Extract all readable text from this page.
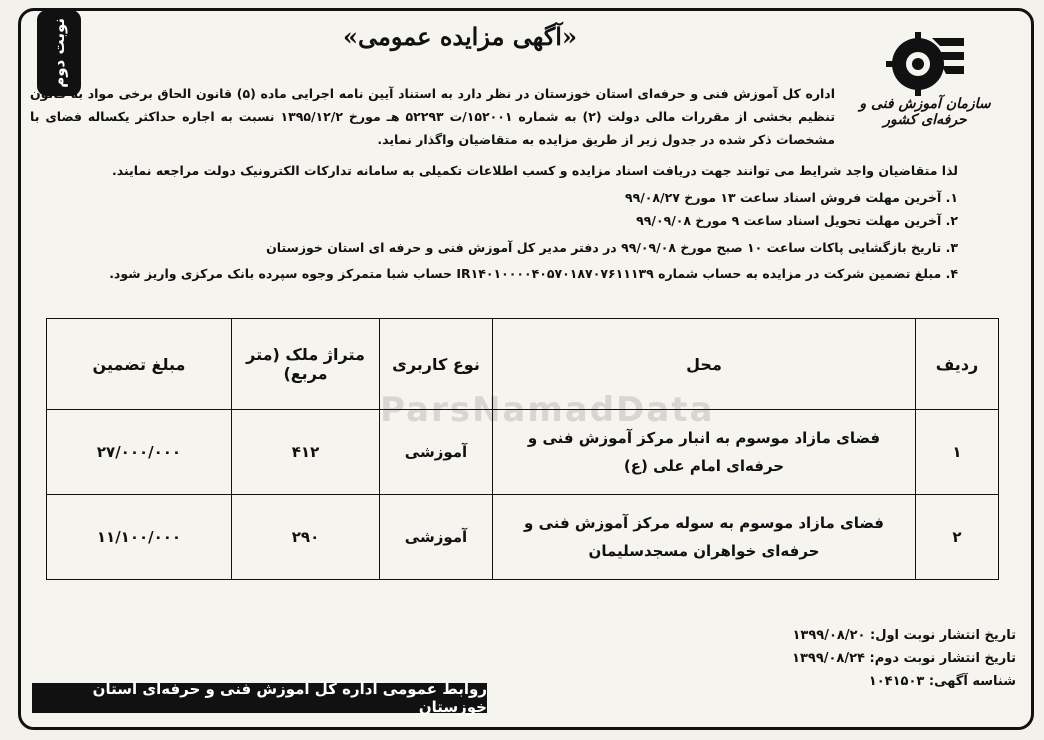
نوبت دوم	«آگهی مزایده عمومی»
سازمان آموزش فنی و حرفه‌ای کشور
اداره کل آموزش فنی و حرفه‌ای استان خوزستان در نظر دارد به استناد آیین نامه اجرایی ماده (۵) قانون الحاق برخی مواد به قانون تنظیم بخشی از مقررات مالی دولت (۲) به شماره ۱۵۲۰۰۱/ت ۵۲۲۹۳ هـ مورخ ۱۳۹۵/۱۲/۲ نسبت به اجاره حداکثر یکساله فضای با مشخصات ذکر شده در جدول زیر از طریق مزایده به متقاضیان واگذار نماید.
لذا متقاضیان واجد شرایط می توانند جهت دریافت اسناد مزایده و کسب اطلاعات تکمیلی به سامانه تدارکات الکترونیک دولت مراجعه نمایند.
۱. آخرین مهلت فروش اسناد ساعت ۱۳ مورخ ۹۹/۰۸/۲۷
۲. آخرین مهلت تحویل اسناد ساعت ۹ مورخ ۹۹/۰۹/۰۸
۳. تاریخ بازگشایی پاکات ساعت ۱۰ صبح مورخ ۹۹/۰۹/۰۸ در دفتر مدیر کل آموزش فنی و حرفه ای استان خوزستان
۴. مبلغ تضمین شرکت در مزایده به حساب شماره IR۱۴۰۱۰۰۰۰۴۰۵۷۰۱۸۷۰۷۶۱۱۱۳۹ حساب شبا متمرکز وجوه سپرده بانک مرکزی واریز شود.
ParsNamadData
ردیف	محل	نوع کاربری	متراژ ملک (متر مربع)	مبلغ تضمین
۱	فضای مازاد موسوم به انبار مرکز آموزش فنی و حرفه‌ای امام علی (ع)	آموزشی	۴۱۲	۲۷/۰۰۰/۰۰۰
۲	فضای مازاد موسوم به سوله مرکز آموزش فنی و حرفه‌ای خواهران مسجدسلیمان	آموزشی	۲۹۰	۱۱/۱۰۰/۰۰۰
تاریخ انتشار نوبت اول: ۱۳۹۹/۰۸/۲۰
تاریخ انتشار نوبت دوم: ۱۳۹۹/۰۸/۲۴
شناسه آگهی: ۱۰۴۱۵۰۳
روابط عمومی اداره کل آموزش فنی و حرفه‌ای استان خوزستان
